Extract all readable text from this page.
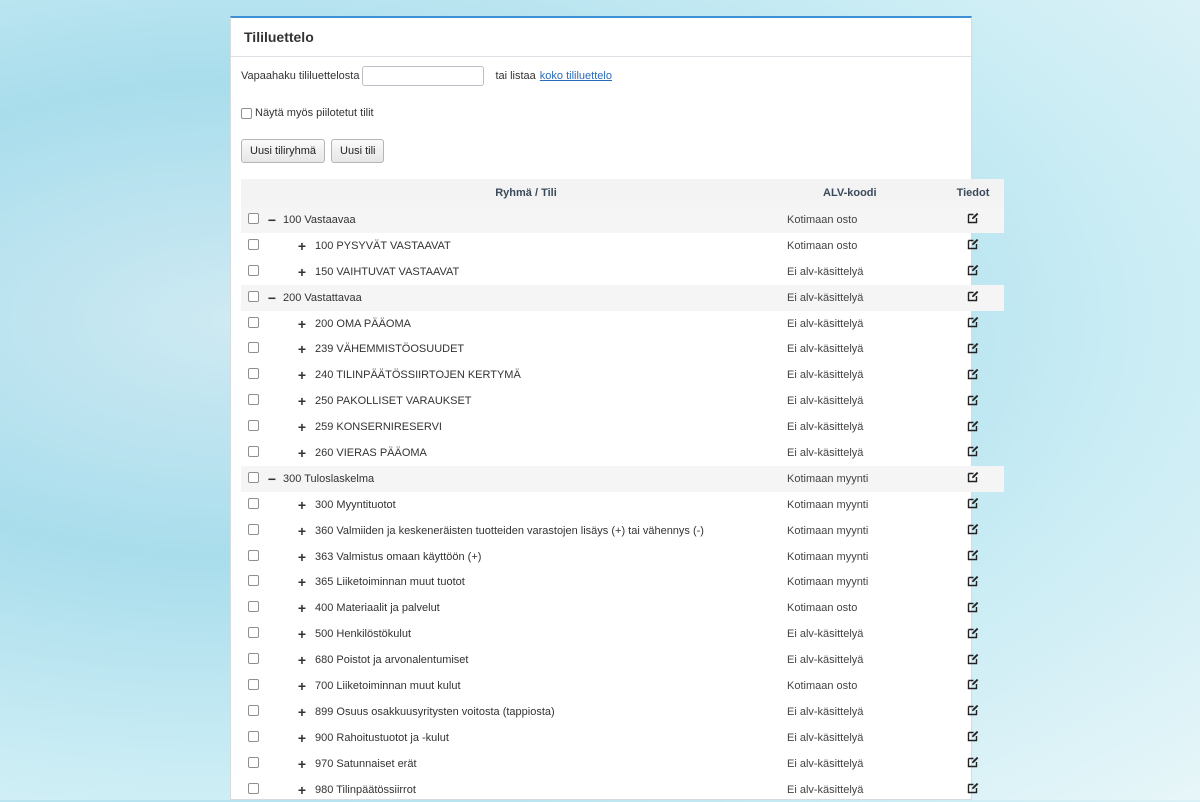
Tililuettelo
Vapaahaku tililuettelosta	tai listaa koko tililuettelo
Näytä myös piilotetut tilit
Uusi tiliryhmä	Uusi tili
	Ryhmä / Tili	ALV-koodi	Tiedot
	− 100 Vastaavaa	Kotimaan osto	
	+ 100 PYSYVÄT VASTAAVAT	Kotimaan osto	
	+ 150 VAIHTUVAT VASTAAVAT	Ei alv-käsittelyä	
	− 200 Vastattavaa	Ei alv-käsittelyä	
	+ 200 OMA PÄÄOMA	Ei alv-käsittelyä	
	+ 239 VÄHEMMISTÖOSUUDET	Ei alv-käsittelyä	
	+ 240 TILINPÄÄTÖSSIIRTOJEN KERTYMÄ	Ei alv-käsittelyä	
	+ 250 PAKOLLISET VARAUKSET	Ei alv-käsittelyä	
	+ 259 KONSERNIRESERVI	Ei alv-käsittelyä	
	+ 260 VIERAS PÄÄOMA	Ei alv-käsittelyä	
	− 300 Tuloslaskelma	Kotimaan myynti	
	+ 300 Myyntituotot	Kotimaan myynti	
	+ 360 Valmiiden ja keskeneräisten tuotteiden varastojen lisäys (+) tai vähennys (-)	Kotimaan myynti	
	+ 363 Valmistus omaan käyttöön (+)	Kotimaan myynti	
	+ 365 Liiketoiminnan muut tuotot	Kotimaan myynti	
	+ 400 Materiaalit ja palvelut	Kotimaan osto	
	+ 500 Henkilöstökulut	Ei alv-käsittelyä	
	+ 680 Poistot ja arvonalentumiset	Ei alv-käsittelyä	
	+ 700 Liiketoiminnan muut kulut	Kotimaan osto	
	+ 899 Osuus osakkuusyritysten voitosta (tappiosta)	Ei alv-käsittelyä	
	+ 900 Rahoitustuotot ja -kulut	Ei alv-käsittelyä	
	+ 970 Satunnaiset erät	Ei alv-käsittelyä	
	+ 980 Tilinpäätössiirrot	Ei alv-käsittelyä	
